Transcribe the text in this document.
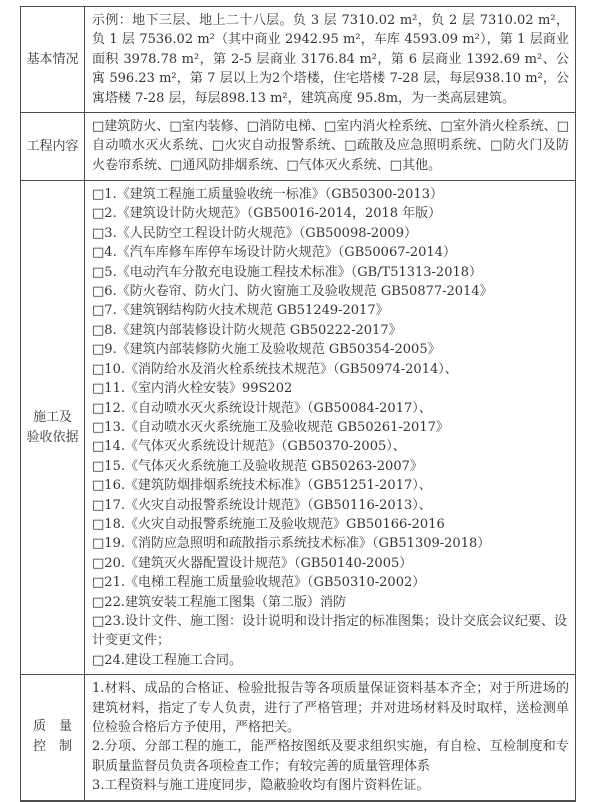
基本情况
示例：地下三层、地上二十八层。负 3 层 7310.02 m²，负 2 层 7310.02 m²，负 1 层 7536.02 m²（其中商业 2942.95 m²，车库 4593.09 m²），第 1 层商业面积 3978.78 m²，第 2-5 层商业 3176.84 m²，第 6 层商业 1392.69 m²、公寓 596.23 m²，第 7 层以上为2个塔楼，住宅塔楼 7-28 层，每层938.10 m²，公寓塔楼 7-28 层，每层898.13 m²，建筑高度 95.8m，为一类高层建筑。
工程内容
□建筑防火、□室内装修、□消防电梯、□室内消火栓系统、□室外消火栓系统、□自动喷水灭火系统、□火灾自动报警系统、□疏散及应急照明系统、□防火门及防火卷帘系统、□通风防排烟系统、□气体灭火系统、□其他。
施工及
验收依据
□1.《建筑工程施工质量验收统一标准》（GB50300-2013）
□2.《建筑设计防火规范》（GB50016-2014，2018 年版）
□3.《人民防空工程设计防火规范》（GB50098-2009）
□4.《汽车库修车库停车场设计防火规范》（GB50067-2014）
□5.《电动汽车分散充电设施工程技术标准》（GB/T51313-2018）
□6.《防火卷帘、防火门、防火窗施工及验收规范 GB50877-2014》
□7.《建筑钢结构防火技术规范 GB51249-2017》
□8.《建筑内部装修设计防火规范 GB50222-2017》
□9.《建筑内部装修防火施工及验收规范 GB50354-2005》
□10.《消防给水及消火栓系统技术规范》（GB50974-2014）、
□11.《室内消火栓安装》99S202
□12.《自动喷水灭火系统设计规范》（GB50084-2017）、
□13.《自动喷水灭火系统施工及验收规范 GB50261-2017》
□14.《气体灭火系统设计规范》（GB50370-2005）、
□15.《气体灭火系统施工及验收规范 GB50263-2007》
□16.《建筑防烟排烟系统技术标准》（GB51251-2017）、
□17.《火灾自动报警系统设计规范》（GB50116-2013）、
□18.《火灾自动报警系统施工及验收规范》GB50166-2016
□19.《消防应急照明和疏散指示系统技术标准》（GB51309-2018）
□20.《建筑灭火器配置设计规范》（GB50140-2005）
□21.《电梯工程施工质量验收规范》（GB50310-2002）
□22.建筑安装工程施工图集（第二版）消防
□23.设计文件、施工图：设计说明和设计指定的标准图集；设计交底会议纪要、设计变更文件；
□24.建设工程施工合同。
质　量
控　制
1.材料、成品的合格证、检验批报告等各项质量保证资料基本齐全；对于所进场的建筑材料，指定了专人负责，进行了严格管理；并对进场材料及时取样，送检测单位检验合格后方予使用，严格把关。
2.分项、分部工程的施工，能严格按图纸及要求组织实施，有自检、互检制度和专职质量监督员负责各项检查工作；有较完善的质量管理体系
3.工程资料与施工进度同步，隐蔽验收均有图片资料佐证。
